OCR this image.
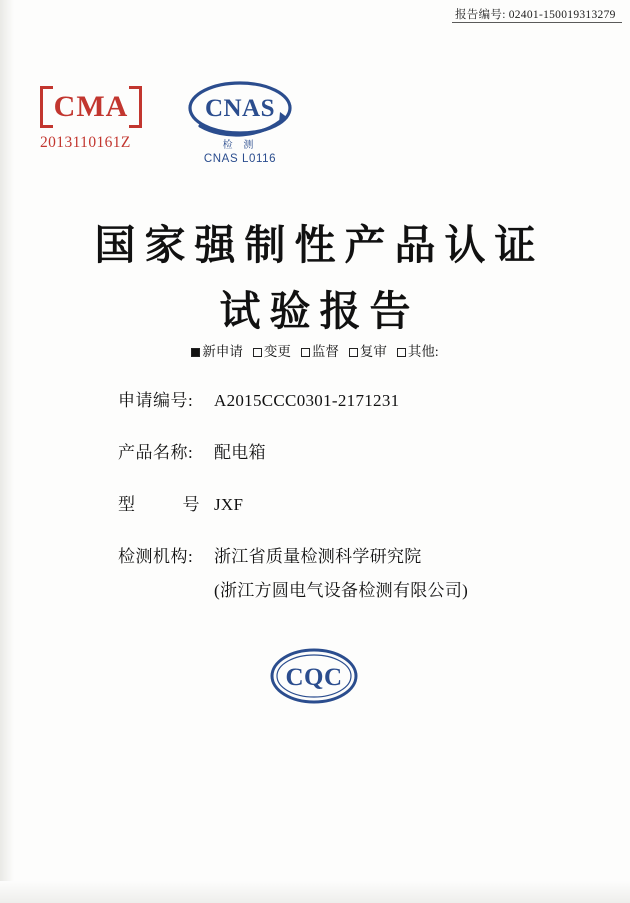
报告编号: 02401-150019313279
CMA
2013110161Z
CNAS
检 测
CNAS L0116
国家强制性产品认证
试验报告
新申请 变更 监督 复审 其他:
申请编号:	A2015CCC0301-2171231
产品名称:	配电箱
型	号 JXF
检测机构:	浙江省质量检测科学研究院
(浙江方圆电气设备检测有限公司)
CQC
